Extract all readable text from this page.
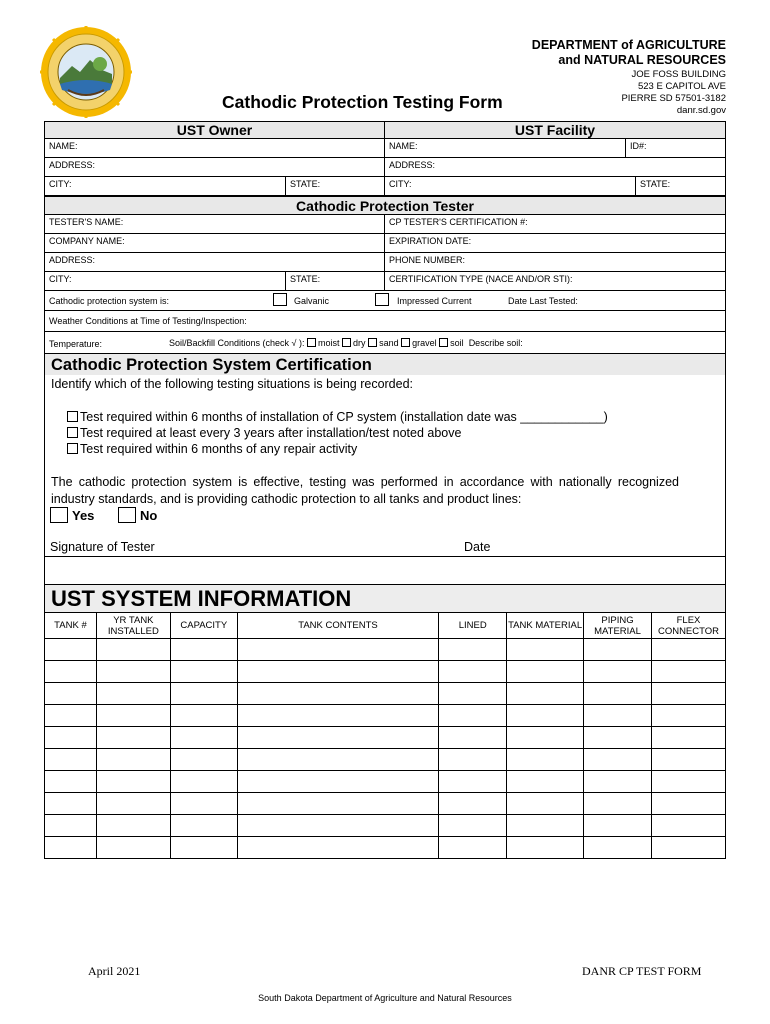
DEPARTMENT of AGRICULTURE
and NATURAL RESOURCES
JOE FOSS BUILDING
523 E CAPITOL AVE
PIERRE SD 57501-3182
danr.sd.gov
Cathodic Protection Testing Form
UST Owner	UST Facility
NAME:	NAME:	ID#:
ADDRESS:	ADDRESS:
CITY:	STATE:	CITY:	STATE:
Cathodic Protection Tester
TESTER'S NAME:	CP TESTER'S CERTIFICATION #:
COMPANY NAME:	EXPIRATION DATE:
ADDRESS:	PHONE NUMBER:
CITY:	STATE:	CERTIFICATION TYPE (NACE AND/OR STI):
Cathodic protection system is:	Galvanic	Impressed Current	Date Last Tested:
Weather Conditions at Time of Testing/Inspection:
Temperature:	Soil/Backfill Conditions (check √ ): moist dry sand gravel soil Describe soil:
Cathodic Protection System Certification
Identify which of the following testing situations is being recorded:
Test required within 6 months of installation of CP system (installation date was ____________)
Test required at least every 3 years after installation/test noted above
Test required within 6 months of any repair activity
The cathodic protection system is effective, testing was performed in accordance with nationally recognized industry standards, and is providing cathodic protection to all tanks and product lines:
Yes	No
Signature of Tester	Date
UST SYSTEM INFORMATION
TANK #	YR TANK INSTALLED	CAPACITY	TANK CONTENTS	LINED	TANK MATERIAL	PIPING MATERIAL	FLEX CONNECTOR

April 2021	DANR CP TEST FORM
South Dakota Department of Agriculture and Natural Resources
